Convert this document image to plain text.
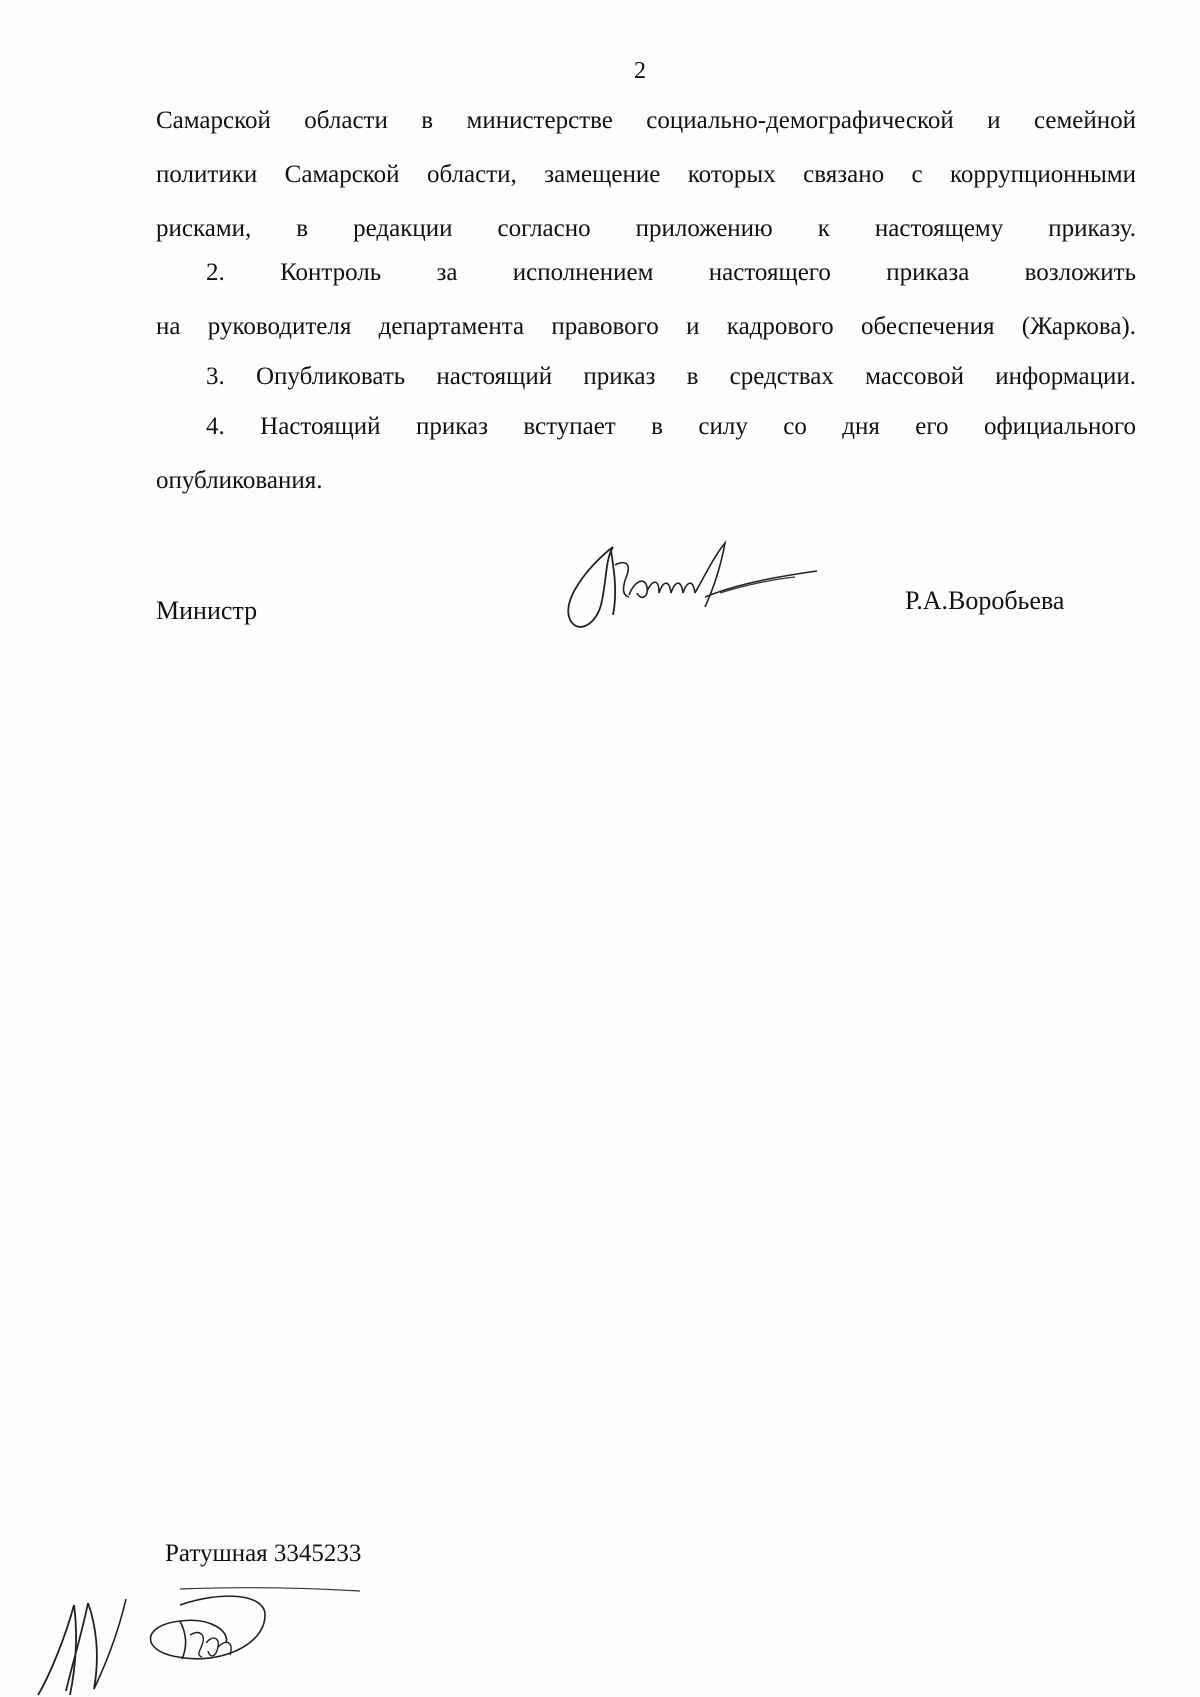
2
Самарской области в министерстве социально-демографической и семейной
политики Самарской области, замещение которых связано с коррупционными
рисками, в редакции согласно приложению к настоящему приказу.
2. Контроль за исполнением настоящего приказа возложить
на руководителя департамента правового и кадрового обеспечения (Жаркова).
3. Опубликовать настоящий приказ в средствах массовой информации.
4. Настоящий приказ вступает в силу со дня его официального
опубликования.
Министр	Р.А.Воробьева
Ратушная 3345233
